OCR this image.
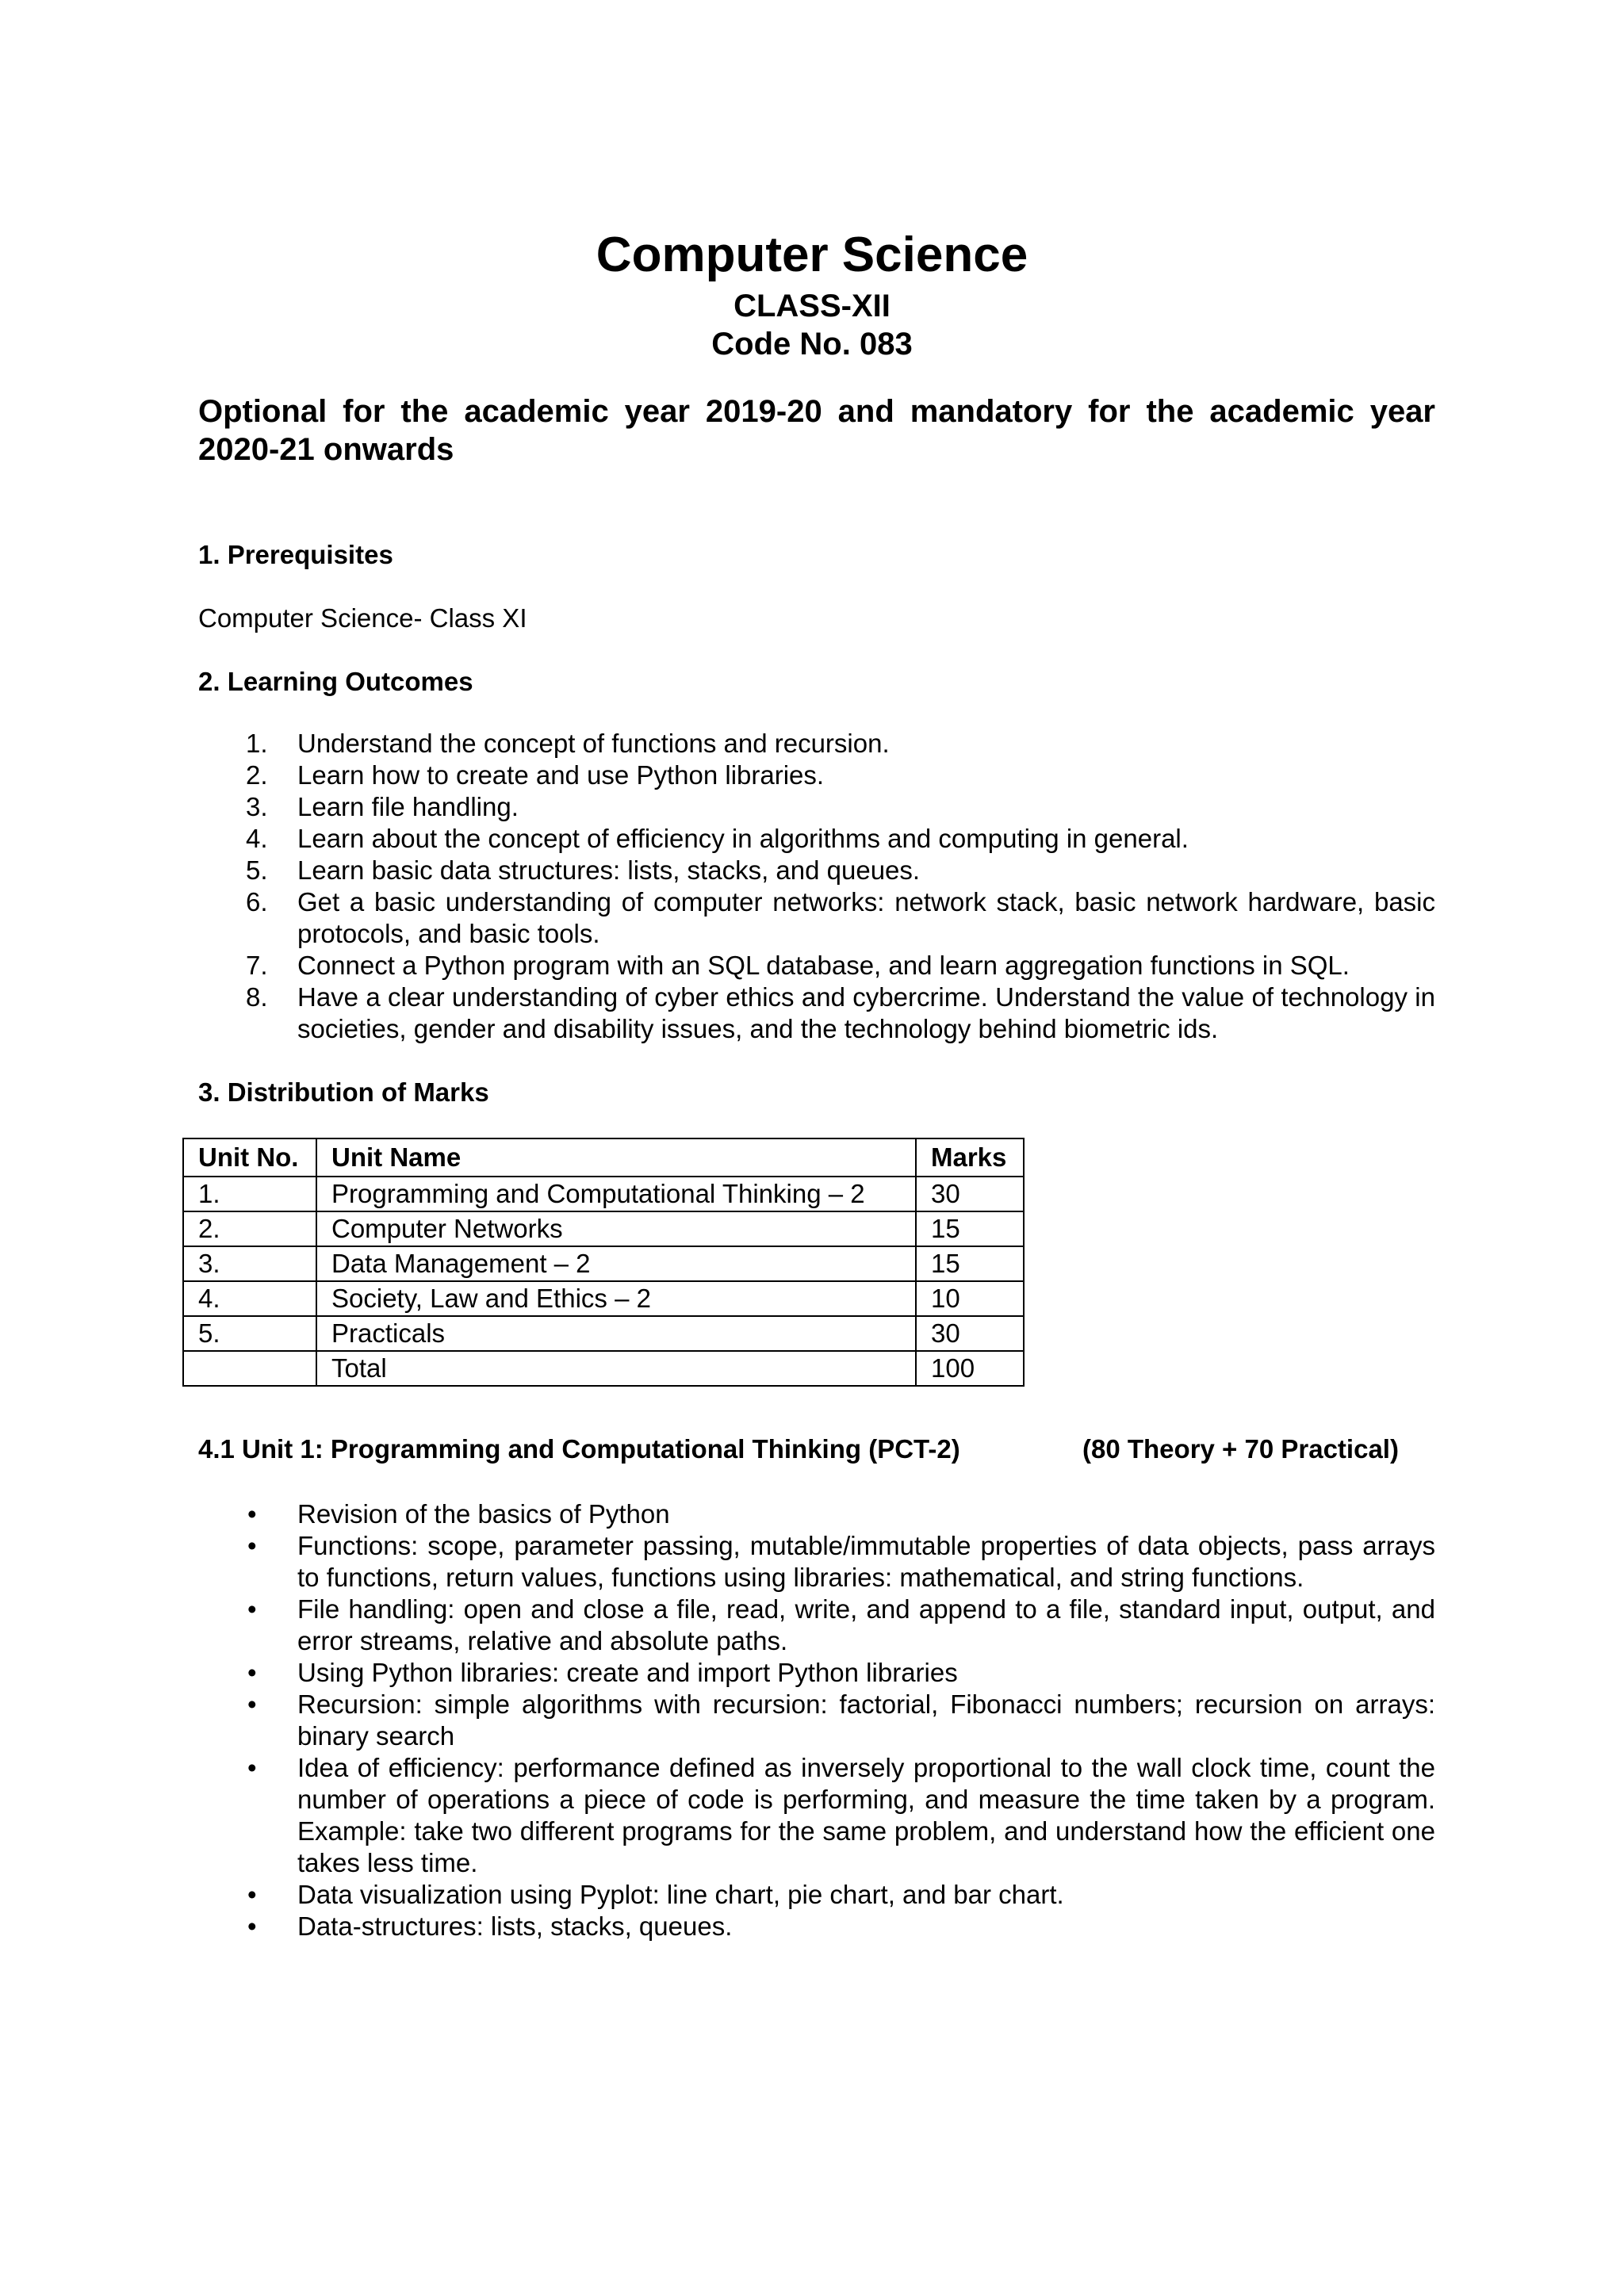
Computer Science
CLASS-XII
Code No. 083
Optional for the academic year 2019-20 and mandatory for the academic year 2020-21 onwards
1. Prerequisites
Computer Science- Class XI
2. Learning Outcomes
1.	Understand the concept of functions and recursion.
2.	Learn how to create and use Python libraries.
3.	Learn file handling.
4.	Learn about the concept of efficiency in algorithms and computing in general.
5.	Learn basic data structures: lists, stacks, and queues.
6.	Get a basic understanding of computer networks: network stack, basic network hardware, basic protocols, and basic tools.
7.	Connect a Python program with an SQL database, and learn aggregation functions in SQL.
8.	Have a clear understanding of cyber ethics and cybercrime. Understand the value of technology in societies, gender and disability issues, and the technology behind biometric ids.
3. Distribution of Marks
Unit No.	Unit Name	Marks
1.	Programming and Computational Thinking – 2	30
2.	Computer Networks	15
3.	Data Management – 2	15
4.	Society, Law and Ethics – 2	10
5.	Practicals	30
	Total	100
4.1 Unit 1: Programming and Computational Thinking (PCT-2)	(80 Theory + 70 Practical)
• Revision of the basics of Python
• Functions: scope, parameter passing, mutable/immutable properties of data objects, pass arrays to functions, return values, functions using libraries: mathematical, and string functions.
• File handling: open and close a file, read, write, and append to a file, standard input, output, and error streams, relative and absolute paths.
• Using Python libraries: create and import Python libraries
• Recursion: simple algorithms with recursion: factorial, Fibonacci numbers; recursion on arrays: binary search
• Idea of efficiency: performance defined as inversely proportional to the wall clock time, count the number of operations a piece of code is performing, and measure the time taken by a program. Example: take two different programs for the same problem, and understand how the efficient one takes less time.
• Data visualization using Pyplot: line chart, pie chart, and bar chart.
• Data-structures: lists, stacks, queues.
